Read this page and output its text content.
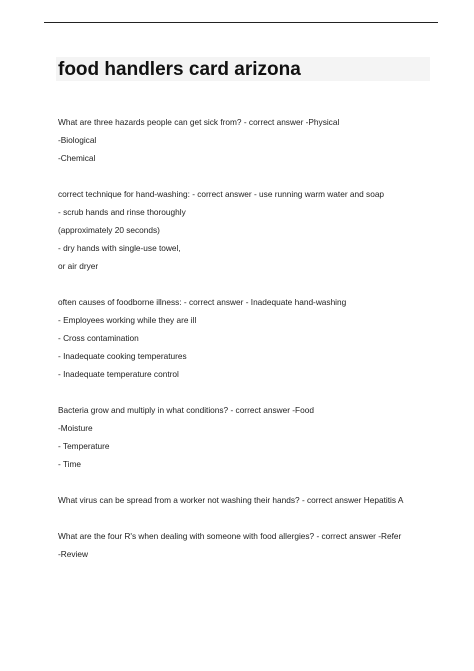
food handlers card arizona
What are three hazards people can get sick from? - correct answer -Physical
-Biological
-Chemical
correct technique for hand-washing: - correct answer - use running warm water and soap
- scrub hands and rinse thoroughly
(approximately 20 seconds)
- dry hands with single-use towel,
or air dryer
often causes of foodborne illness: - correct answer - Inadequate hand-washing
- Employees working while they are ill
- Cross contamination
- Inadequate cooking temperatures
- Inadequate temperature control
Bacteria grow and multiply in what conditions? - correct answer -Food
-Moisture
- Temperature
- Time
What virus can be spread from a worker not washing their hands? - correct answer Hepatitis A
What are the four R's when dealing with someone with food allergies? - correct answer -Refer
-Review
